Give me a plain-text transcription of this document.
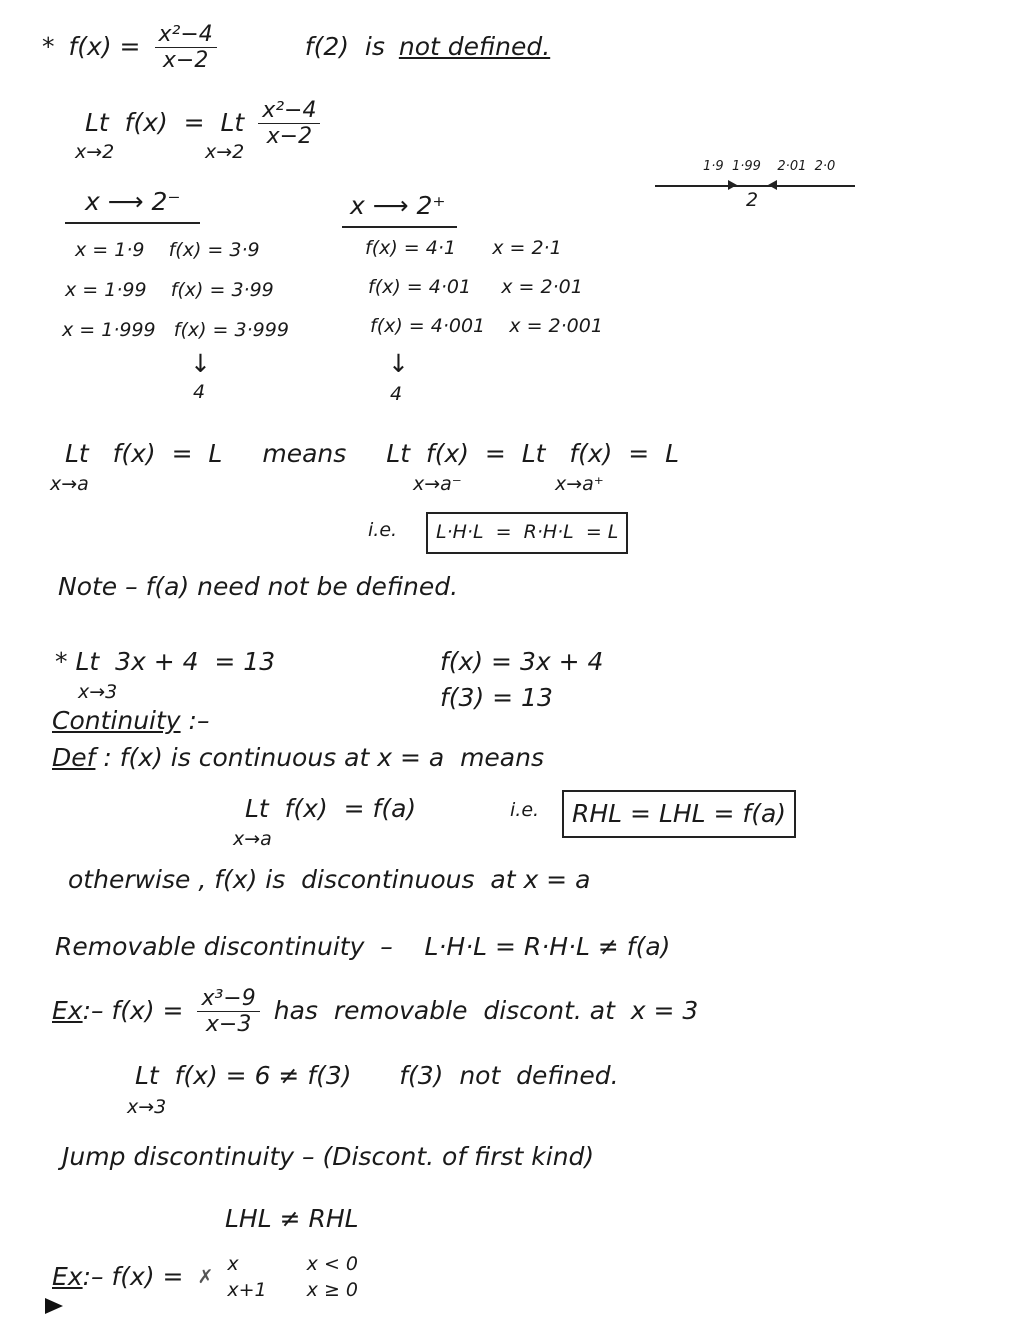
* $f(x) = \frac{\text{x²−4}}{x-2}$	f(2)  is not defined.
Lt  f(x)  =  Lt $\frac{\text{x²−4}}{x-2}$
x→2	x→2
x ⟶ 2⁻	x ⟶ 2⁺
x = 1·9    f(x) = 3·9
x = 1·99    f(x) = 3·99
x = 1·999   f(x) = 3·999
f(x) = 4·1      x = 2·1
f(x) = 4·01     x = 2·01
f(x) = 4·001    x = 2·001
↓
4
↓
4
1·9  1·99    2·01  2·0
2
Lt   f(x)  =  L means Lt  f(x)  =  Lt   f(x)  =  L
x→a	x→a⁻	x→a⁺
i.e. L·H·L  =  R·H·L  = L
Note – f(a) need not be defined.
* Lt  3x + 4  = 13
x→3
f(x) = 3x + 4
f(3) = 13
Continuity :–
Def : f(x) is continuous at x = a  means
Lt  f(x)  = f(a)
x→a
i.e. RHL = LHL = f(a)
otherwise , f(x) is  discontinuous  at x = a
Removable discontinuity  –    L·H·L = R·H·L ≠ f(a)
Ex :– $f(x) = \frac{\text{x³−9}}{x-3}$ has  removable  discont. at  x = 3
Lt  f(x) = 6 ≠ f(3)      f(3)  not  defined.
x→3
Jump discontinuity – (Discont. of first kind)
LHL ≠ RHL
Ex :– f(x) = ✗
x	x < 0
x+1 x ≥ 0
